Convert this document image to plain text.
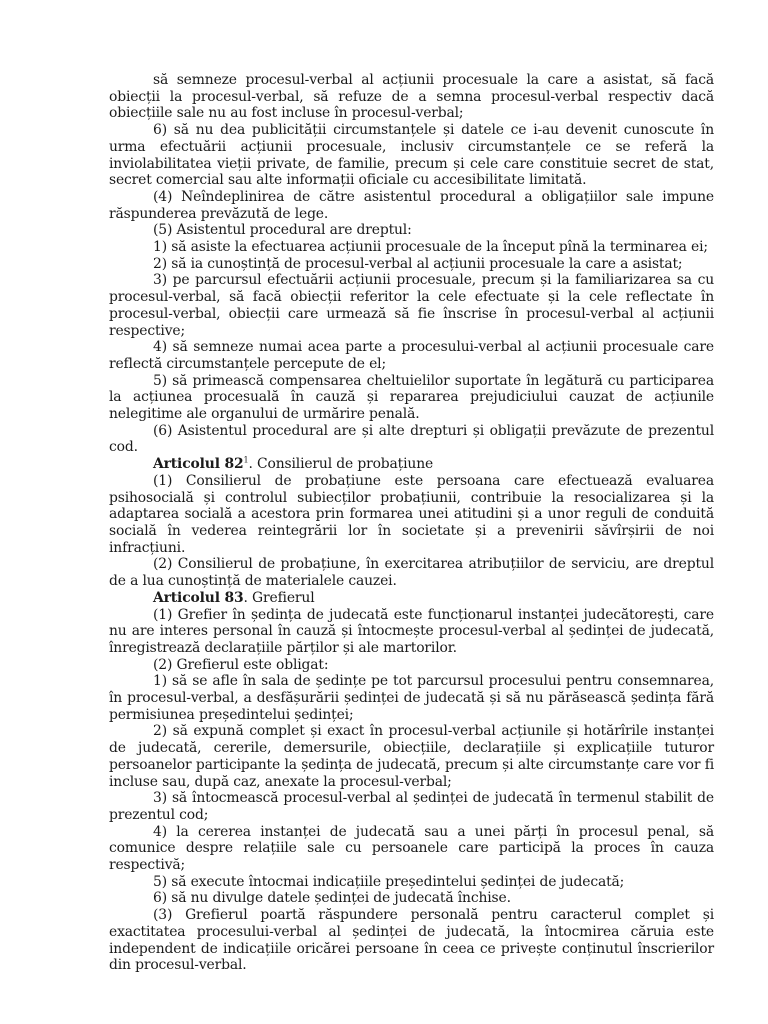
să semneze procesul-verbal al acțiunii procesuale la care a asistat, să facă obiecții la procesul-verbal, să refuze de a semna procesul-verbal respectiv dacă obiecțiile sale nu au fost incluse în procesul-verbal;

6) să nu dea publicității circumstanțele și datele ce i-au devenit cunoscute în urma efectuării acțiunii procesuale, inclusiv circumstanțele ce se referă la inviolabilitatea vieții private, de familie, precum și cele care constituie secret de stat, secret comercial sau alte informații oficiale cu accesibilitate limitată.

(4) Neîndeplinirea de către asistentul procedural a obligațiilor sale impune răspunderea prevăzută de lege.

(5) Asistentul procedural are dreptul:

1) să asiste la efectuarea acțiunii procesuale de la început pînă la terminarea ei;

2) să ia cunoștință de procesul-verbal al acțiunii procesuale la care a asistat;

3) pe parcursul efectuării acțiunii procesuale, precum și la familiarizarea sa cu procesul-verbal, să facă obiecții referitor la cele efectuate și la cele reflectate în procesul-verbal, obiecții care urmează să fie înscrise în procesul-verbal al acțiunii respective;

4) să semneze numai acea parte a procesului-verbal al acțiunii procesuale care reflectă circumstanțele percepute de el;

5) să primească compensarea cheltuielilor suportate în legătură cu participarea la acțiunea procesuală în cauză și repararea prejudiciului cauzat de acțiunile nelegitime ale organului de urmărire penală.

(6) Asistentul procedural are și alte drepturi și obligații prevăzute de prezentul cod.

Articolul $82^1$. Consilierul de probațiune

(1) Consilierul de probațiune este persoana care efectuează evaluarea psihosocială și controlul subiecților probațiunii, contribuie la resocializarea și la adaptarea socială a acestora prin formarea unei atitudini și a unor reguli de conduită socială în vederea reintegrării lor în societate și a prevenirii săvîrșirii de noi infracțiuni.

(2) Consilierul de probațiune, în exercitarea atribuțiilor de serviciu, are dreptul de a lua cunoștință de materialele cauzei.

Articolul 83. Grefierul

(1) Grefier în ședința de judecată este funcționarul instanței judecătorești, care nu are interes personal în cauză și întocmește procesul-verbal al ședinței de judecată, înregistrează declarațiile părților și ale martorilor.

(2) Grefierul este obligat:

1) să se afle în sala de ședințe pe tot parcursul procesului pentru consemnarea, în procesul-verbal, a desfășurării ședinței de judecată și să nu părăsească ședința fără permisiunea președintelui ședinței;

2) să expună complet și exact în procesul-verbal acțiunile și hotărîrile instanței de judecată, cererile, demersurile, obiecțiile, declarațiile și explicațiile tuturor persoanelor participante la ședința de judecată, precum și alte circumstanțe care vor fi incluse sau, după caz, anexate la procesul-verbal;

3) să întocmească procesul-verbal al ședinței de judecată în termenul stabilit de prezentul cod;

4) la cererea instanței de judecată sau a unei părți în procesul penal, să comunice despre relațiile sale cu persoanele care participă la proces în cauza respectivă;

5) să execute întocmai indicațiile președintelui ședinței de judecată;

6) să nu divulge datele ședinței de judecată închise.

(3) Grefierul poartă răspundere personală pentru caracterul complet și exactitatea procesului-verbal al ședinței de judecată, la întocmirea căruia este independent de indicațiile oricărei persoane în ceea ce privește conținutul înscrierilor din procesul-verbal.
